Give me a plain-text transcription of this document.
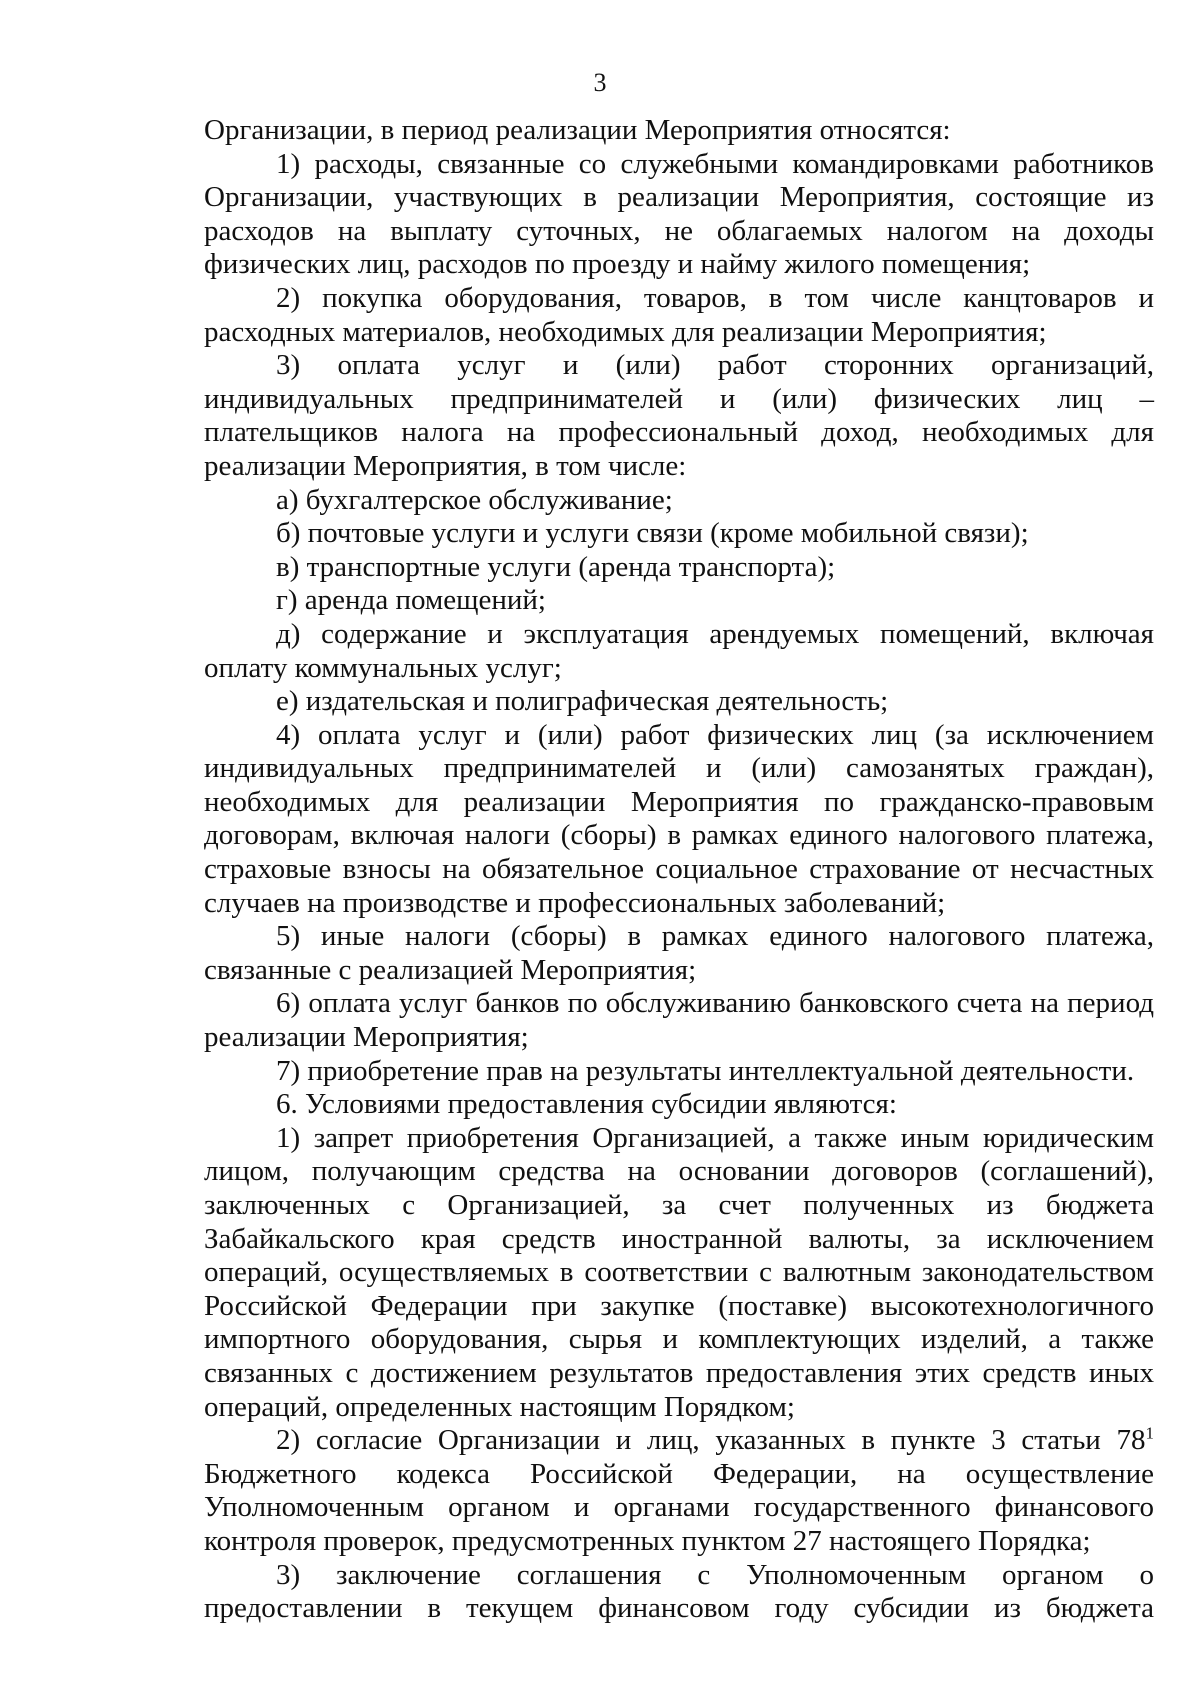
3

Организации, в период реализации Мероприятия относятся:

1) расходы, связанные со служебными командировками работников Организации, участвующих в реализации Мероприятия, состоящие из расходов на выплату суточных, не облагаемых налогом на доходы физических лиц, расходов по проезду и найму жилого помещения;

2) покупка оборудования, товаров, в том числе канцтоваров и расходных материалов, необходимых для реализации Мероприятия;

3) оплата услуг и (или) работ сторонних организаций, индивидуальных предпринимателей и (или) физических лиц – плательщиков налога на профессиональный доход, необходимых для реализации Мероприятия, в том числе:

а) бухгалтерское обслуживание;

б) почтовые услуги и услуги связи (кроме мобильной связи);

в) транспортные услуги (аренда транспорта);

г) аренда помещений;

д) содержание и эксплуатация арендуемых помещений, включая оплату коммунальных услуг;

е) издательская и полиграфическая деятельность;

4) оплата услуг и (или) работ физических лиц (за исключением индивидуальных предпринимателей и (или) самозанятых граждан), необходимых для реализации Мероприятия по гражданско-правовым договорам, включая налоги (сборы) в рамках единого налогового платежа, страховые взносы на обязательное социальное страхование от несчастных случаев на производстве и профессиональных заболеваний;

5) иные налоги (сборы) в рамках единого налогового платежа, связанные с реализацией Мероприятия;

6) оплата услуг банков по обслуживанию банковского счета на период реализации Мероприятия;

7) приобретение прав на результаты интеллектуальной деятельности.

6. Условиями предоставления субсидии являются:

1) запрет приобретения Организацией, а также иным юридическим лицом, получающим средства на основании договоров (соглашений), заключенных с Организацией, за счет полученных из бюджета Забайкальского края средств иностранной валюты, за исключением операций, осуществляемых в соответствии с валютным законодательством Российской Федерации при закупке (поставке) высокотехнологичного импортного оборудования, сырья и комплектующих изделий, а также связанных с достижением результатов предоставления этих средств иных операций, определенных настоящим Порядком;

2) согласие Организации и лиц, указанных в пункте 3 статьи $78^1$ Бюджетного кодекса Российской Федерации, на осуществление Уполномоченным органом и органами государственного финансового контроля проверок, предусмотренных пунктом 27 настоящего Порядка;

3) заключение соглашения с Уполномоченным органом о предоставлении в текущем финансовом году субсидии из бюджета
